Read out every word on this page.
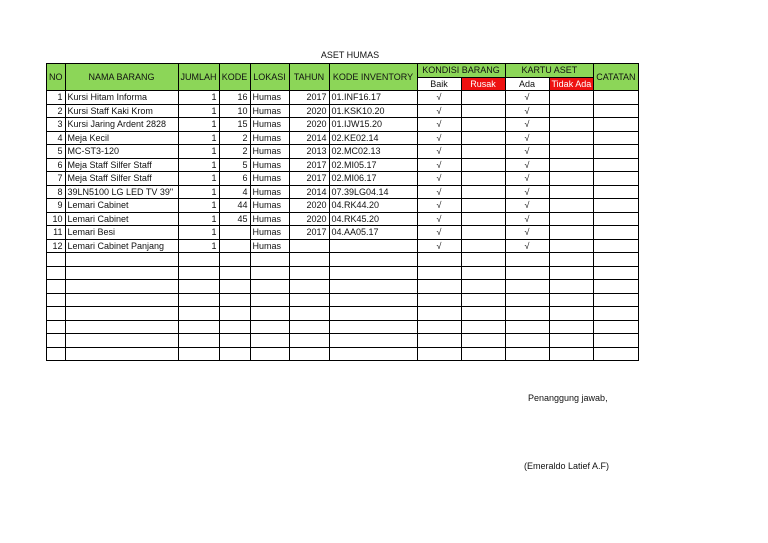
ASET HUMAS
NO	NAMA BARANG	JUMLAH	KODE	LOKASI	TAHUN	KODE INVENTORY	KONDISI BARANG		KARTU ASET		CATATAN
							Baik	Rusak	Ada	Tidak Ada	
1	Kursi Hitam Informa	1	16	Humas	2017	01.INF16.17	√		√		
2	Kursi Staff Kaki Krom	1	10	Humas	2020	01.KSK10.20	√		√		
3	Kursi Jaring Ardent 2828	1	15	Humas	2020	01.IJW15.20	√		√		
4	Meja Kecil	1	2	Humas	2014	02.KE02.14	√		√		
5	MC-ST3-120	1	2	Humas	2013	02.MC02.13	√		√		
6	Meja Staff Silfer Staff	1	5	Humas	2017	02.MI05.17	√		√		
7	Meja Staff Silfer Staff	1	6	Humas	2017	02.MI06.17	√		√		
8	39LN5100 LG LED TV 39"	1	4	Humas	2014	07.39LG04.14	√		√		
9	Lemari Cabinet	1	44	Humas	2020	04.RK44.20	√		√		
10	Lemari Cabinet	1	45	Humas	2020	04.RK45.20	√		√		
11	Lemari Besi	1		Humas	2017	04.AA05.17	√		√		
12	Lemari Cabinet Panjang	1		Humas			√		√		

Penanggung jawab,
(Emeraldo Latief A.F)
